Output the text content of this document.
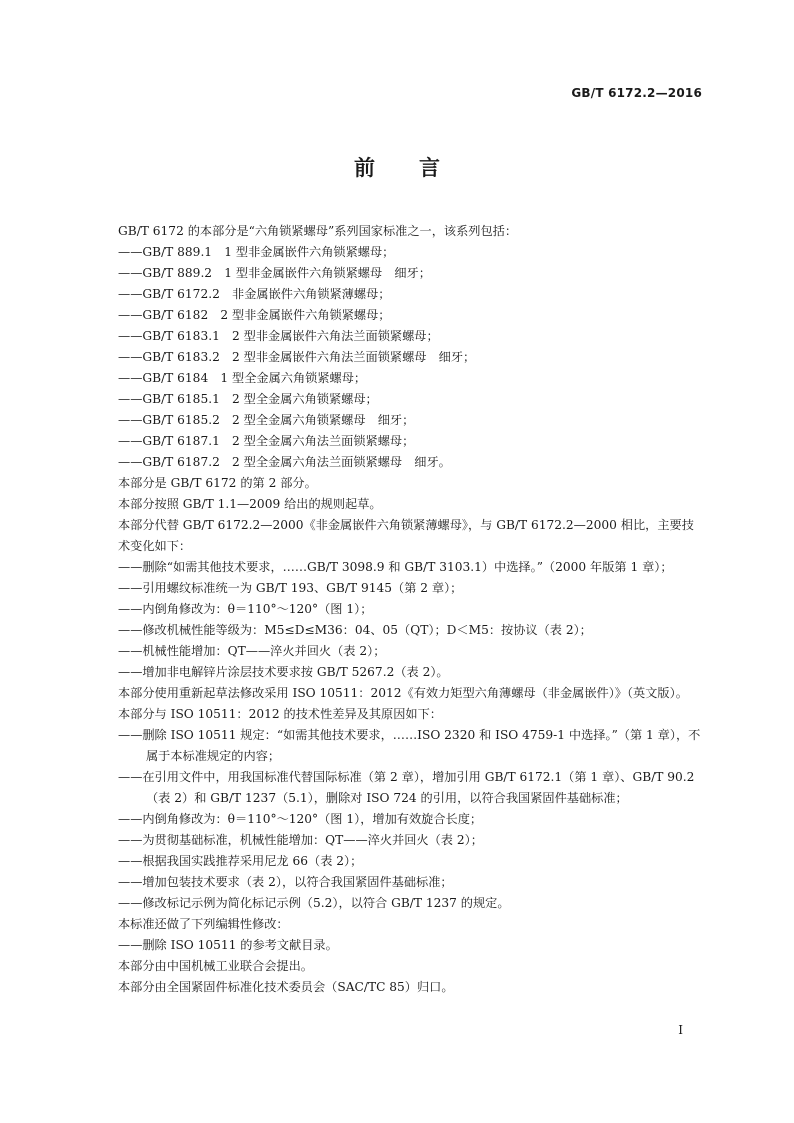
GB/T 6172.2—2016
前言
GB/T 6172 的本部分是“六角锁紧螺母”系列国家标准之一，该系列包括：
——GB/T 889.1　1 型非金属嵌件六角锁紧螺母；
——GB/T 889.2　1 型非金属嵌件六角锁紧螺母　细牙；
——GB/T 6172.2　非金属嵌件六角锁紧薄螺母；
——GB/T 6182　2 型非金属嵌件六角锁紧螺母；
——GB/T 6183.1　2 型非金属嵌件六角法兰面锁紧螺母；
——GB/T 6183.2　2 型非金属嵌件六角法兰面锁紧螺母　细牙；
——GB/T 6184　1 型全金属六角锁紧螺母；
——GB/T 6185.1　2 型全金属六角锁紧螺母；
——GB/T 6185.2　2 型全金属六角锁紧螺母　细牙；
——GB/T 6187.1　2 型全金属六角法兰面锁紧螺母；
——GB/T 6187.2　2 型全金属六角法兰面锁紧螺母　细牙。
本部分是 GB/T 6172 的第 2 部分。
本部分按照 GB/T 1.1—2009 给出的规则起草。
本部分代替 GB/T 6172.2—2000《非金属嵌件六角锁紧薄螺母》，与 GB/T 6172.2—2000 相比，主要技术变化如下：
——删除“如需其他技术要求，……GB/T 3098.9 和 GB/T 3103.1）中选择。”（2000 年版第 1 章）；
——引用螺纹标准统一为 GB/T 193、GB/T 9145（第 2 章）；
——内倒角修改为：θ＝110°～120°（图 1）；
——修改机械性能等级为：M5≤D≤M36：04、05（QT）；D＜M5：按协议（表 2）；
——机械性能增加：QT——淬火并回火（表 2）；
——增加非电解锌片涂层技术要求按 GB/T 5267.2（表 2）。
本部分使用重新起草法修改采用 ISO 10511：2012《有效力矩型六角薄螺母（非金属嵌件）》（英文版）。
本部分与 ISO 10511：2012 的技术性差异及其原因如下：
——删除 ISO 10511 规定：“如需其他技术要求，……ISO 2320 和 ISO 4759-1 中选择。”（第 1 章），不属于本标准规定的内容；
——在引用文件中，用我国标准代替国际标准（第 2 章），增加引用 GB/T 6172.1（第 1 章）、GB/T 90.2（表 2）和 GB/T 1237（5.1），删除对 ISO 724 的引用，以符合我国紧固件基础标准；
——内倒角修改为：θ＝110°～120°（图 1），增加有效旋合长度；
——为贯彻基础标准，机械性能增加：QT——淬火并回火（表 2）；
——根据我国实践推荐采用尼龙 66（表 2）；
——增加包装技术要求（表 2），以符合我国紧固件基础标准；
——修改标记示例为简化标记示例（5.2），以符合 GB/T 1237 的规定。
本标准还做了下列编辑性修改：
——删除 ISO 10511 的参考文献目录。
本部分由中国机械工业联合会提出。
本部分由全国紧固件标准化技术委员会（SAC/TC 85）归口。
I
